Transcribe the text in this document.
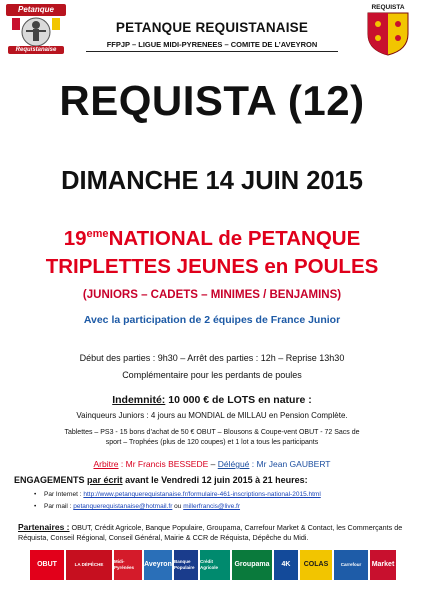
Petanque
Requistanaise
PETANQUE REQUISTANAISE
FFPJP – LIGUE MIDI-PYRENEES – COMITE DE L’AVEYRON
REQUISTA
REQUISTA (12)
DIMANCHE 14 JUIN 2015
19emeNATIONAL de PETANQUE
TRIPLETTES JEUNES en POULES
(JUNIORS – CADETS – MINIMES / BENJAMINS)
Avec la participation de 2 équipes de France Junior
Début des parties : 9h30 – Arrêt des parties : 12h – Reprise 13h30
Complémentaire pour les perdants de poules
Indemnité: 10 000 € de LOTS en nature :
Vainqueurs Juniors : 4 jours au MONDIAL de MILLAU en Pension Complète.
Tablettes – PS3 - 15 bons d’achat de 50 € OBUT – Blousons & Coupe-vent OBUT - 72 Sacs de
sport – Trophées (plus de 120 coupes) et 1 lot a tous les participants
Arbitre : Mr Francis BESSEDE – Délégué : Mr Jean GAUBERT
ENGAGEMENTS par écrit avant le Vendredi 12 juin 2015 à 21 heures:
• Par Internet : http://www.petanquerequistanaise.fr/formulaire-461-inscriptions-national-2015.html
• Par mail : petanquerequistanaise@hotmail.fr ou millerfrancis@live.fr
Partenaires : OBUT, Crédit Agricole, Banque Populaire, Groupama, Carrefour Market & Contact, les Commerçants de Réquista, Conseil Régional, Conseil Général, Mairie & CCR de Réquista, Dépêche du Midi.
OBUT	LA DÉPÊCHE
Midi-Pyrénées	Aveyron Banque Populaire
Crédit Agricole	Groupama	4K	COLAS	Carrefour	Market
